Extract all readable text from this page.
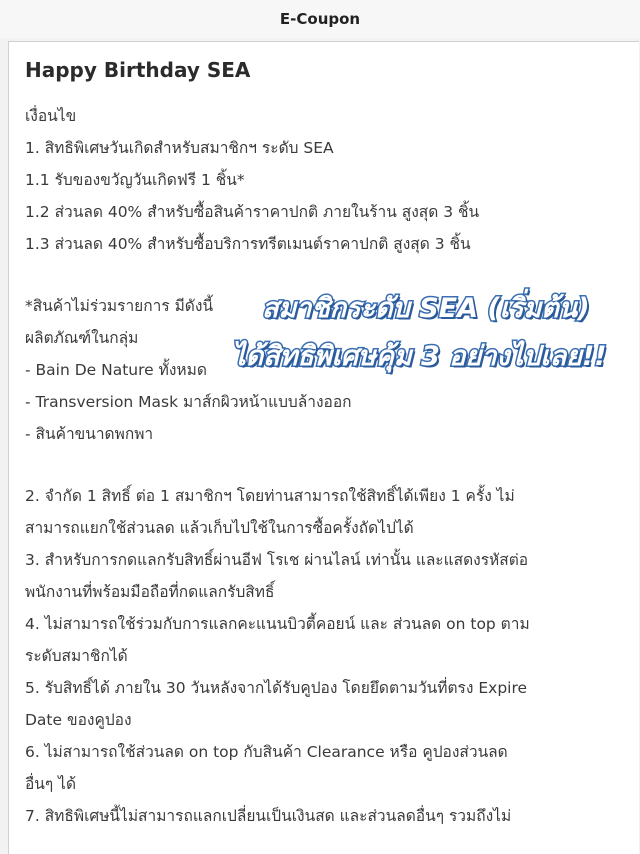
E-Coupon
Happy Birthday SEA
เงื่อนไข
1. สิทธิพิเศษวันเกิดสำหรับสมาชิกฯ ระดับ SEA
1.1 รับของขวัญวันเกิดฟรี 1 ชิ้น*
1.2 ส่วนลด 40% สำหรับซื้อสินค้าราคาปกติ ภายในร้าน สูงสุด 3 ชิ้น
1.3 ส่วนลด 40% สำหรับซื้อบริการทรีตเมนต์ราคาปกติ สูงสุด 3 ชิ้น
*สินค้าไม่ร่วมรายการ มีดังนี้
ผลิตภัณฑ์ในกลุ่ม
- Bain De Nature ทั้งหมด
- Transversion Mask มาส์กผิวหน้าแบบล้างออก
- สินค้าขนาดพกพา
2. จำกัด 1 สิทธิ์ ต่อ 1 สมาชิกฯ โดยท่านสามารถใช้สิทธิ์ได้เพียง 1 ครั้ง ไม่
สามารถแยกใช้ส่วนลด แล้วเก็บไปใช้ในการซื้อครั้งถัดไปได้
3. สำหรับการกดแลกรับสิทธิ์ผ่านอีฟ โรเช ผ่านไลน์ เท่านั้น และแสดงรหัสต่อ
พนักงานที่พร้อมมือถือที่กดแลกรับสิทธิ์
4. ไม่สามารถใช้ร่วมกับการแลกคะแนนบิวตี้คอยน์ และ ส่วนลด on top ตาม
ระดับสมาชิกได้
5. รับสิทธิ์ได้ ภายใน 30 วันหลังจากได้รับคูปอง โดยยึดตามวันที่ตรง Expire
Date ของคูปอง
6. ไม่สามารถใช้ส่วนลด on top กับสินค้า Clearance หรือ คูปองส่วนลด
อื่นๆ ได้
7. สิทธิพิเศษนี้ไม่สามารถแลกเปลี่ยนเป็นเงินสด และส่วนลดอื่นๆ รวมถึงไม่
สมาชิกระดับ SEA (เริ่มต้น)
ได้สิทธิพิเศษคุ้ม 3 อย่างไปเลย!!
